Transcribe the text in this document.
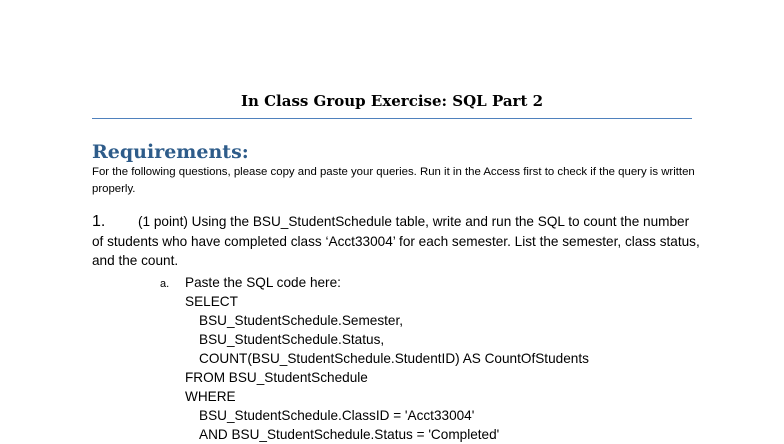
In Class Group Exercise: SQL Part 2
Requirements:
For the following questions, please copy and paste your queries. Run it in the Access first to check if the query is written properly.
1. (1 point) Using the BSU_StudentSchedule table, write and run the SQL to count the number of students who have completed class ‘Acct33004’ for each semester. List the semester, class status, and the count.
a. Paste the SQL code here:
SELECT
BSU_StudentSchedule.Semester,
BSU_StudentSchedule.Status,
COUNT(BSU_StudentSchedule.StudentID) AS CountOfStudents
FROM BSU_StudentSchedule
WHERE
BSU_StudentSchedule.ClassID = 'Acct33004'
AND BSU_StudentSchedule.Status = 'Completed'
